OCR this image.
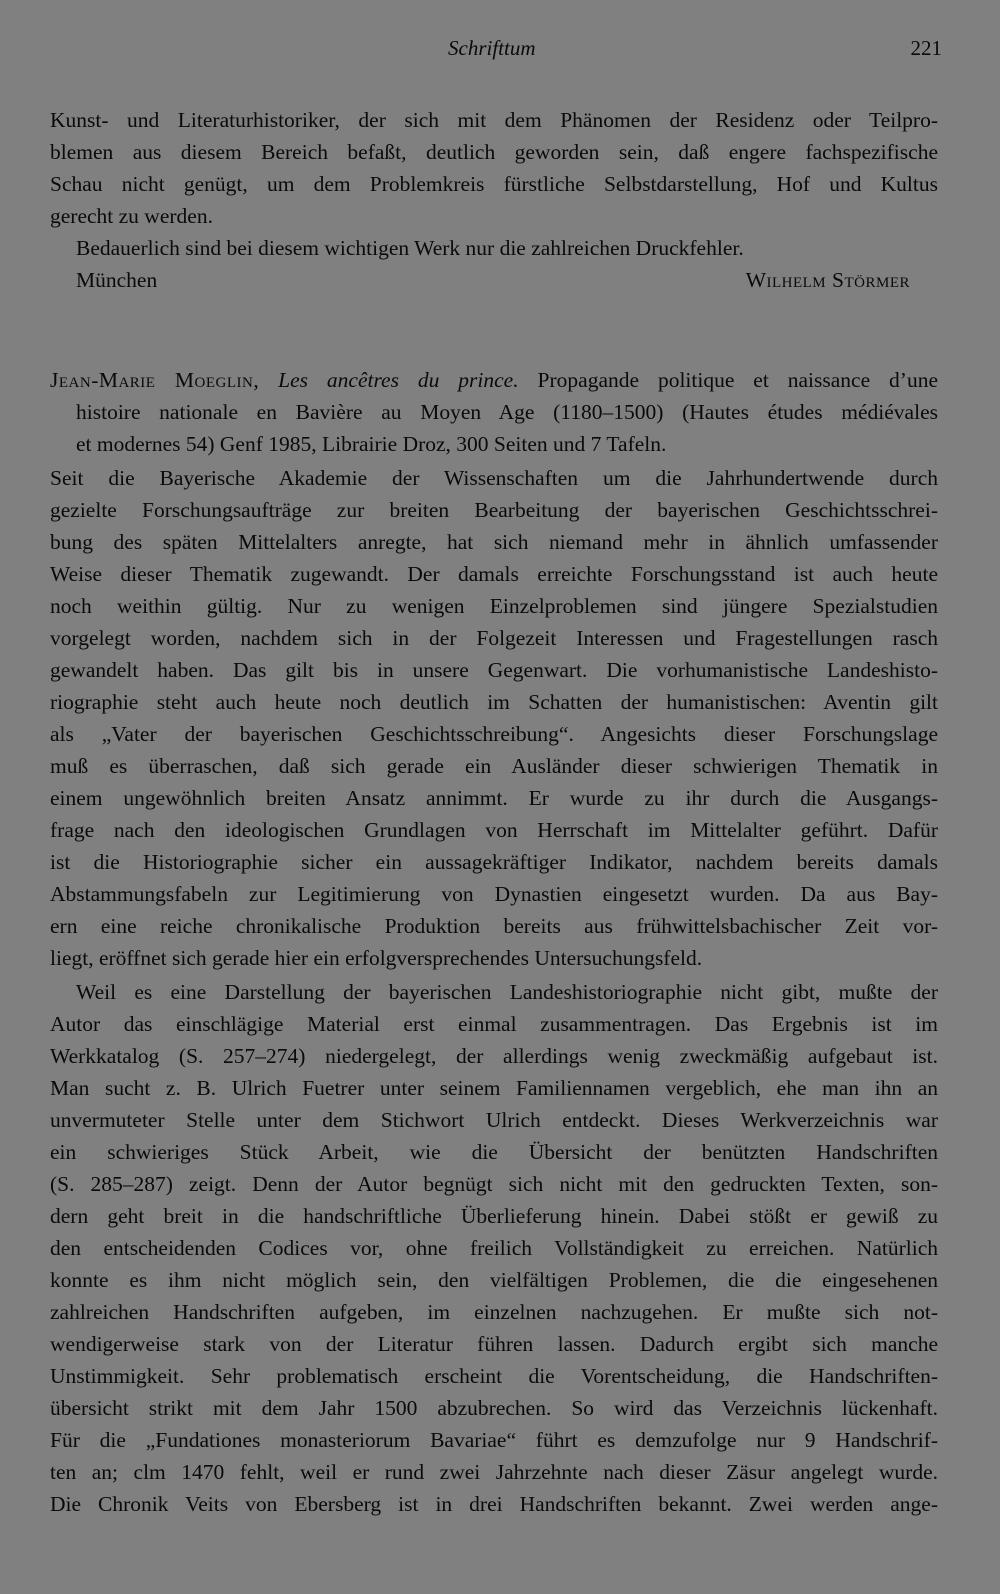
Schrifttum	221
Kunst- und Literaturhistoriker, der sich mit dem Phänomen der Residenz oder Teilpro-
blemen aus diesem Bereich befaßt, deutlich geworden sein, daß engere fachspezifische
Schau nicht genügt, um dem Problemkreis fürstliche Selbstdarstellung, Hof und Kultus
gerecht zu werden.
Bedauerlich sind bei diesem wichtigen Werk nur die zahlreichen Druckfehler.
München	Wilhelm Störmer
Jean-Marie Moeglin, Les ancêtres du prince. Propagande politique et naissance d’une
histoire nationale en Bavière au Moyen Age (1180–1500) (Hautes études médiévales
et modernes 54) Genf 1985, Librairie Droz, 300 Seiten und 7 Tafeln.
Seit die Bayerische Akademie der Wissenschaften um die Jahrhundertwende durch
gezielte Forschungsaufträge zur breiten Bearbeitung der bayerischen Geschichtsschrei-
bung des späten Mittelalters anregte, hat sich niemand mehr in ähnlich umfassender
Weise dieser Thematik zugewandt. Der damals erreichte Forschungsstand ist auch heute
noch weithin gültig. Nur zu wenigen Einzelproblemen sind jüngere Spezialstudien
vorgelegt worden, nachdem sich in der Folgezeit Interessen und Fragestellungen rasch
gewandelt haben. Das gilt bis in unsere Gegenwart. Die vorhumanistische Landeshisto-
riographie steht auch heute noch deutlich im Schatten der humanistischen: Aventin gilt
als „Vater der bayerischen Geschichtsschreibung“. Angesichts dieser Forschungslage
muß es überraschen, daß sich gerade ein Ausländer dieser schwierigen Thematik in
einem ungewöhnlich breiten Ansatz annimmt. Er wurde zu ihr durch die Ausgangs-
frage nach den ideologischen Grundlagen von Herrschaft im Mittelalter geführt. Dafür
ist die Historiographie sicher ein aussagekräftiger Indikator, nachdem bereits damals
Abstammungsfabeln zur Legitimierung von Dynastien eingesetzt wurden. Da aus Bay-
ern eine reiche chronikalische Produktion bereits aus frühwittelsbachischer Zeit vor-
liegt, eröffnet sich gerade hier ein erfolgversprechendes Untersuchungsfeld.
Weil es eine Darstellung der bayerischen Landeshistoriographie nicht gibt, mußte der
Autor das einschlägige Material erst einmal zusammentragen. Das Ergebnis ist im
Werkkatalog (S. 257–274) niedergelegt, der allerdings wenig zweckmäßig aufgebaut ist.
Man sucht z. B. Ulrich Fuetrer unter seinem Familiennamen vergeblich, ehe man ihn an
unvermuteter Stelle unter dem Stichwort Ulrich entdeckt. Dieses Werkverzeichnis war
ein schwieriges Stück Arbeit, wie die Übersicht der benützten Handschriften
(S. 285–287) zeigt. Denn der Autor begnügt sich nicht mit den gedruckten Texten, son-
dern geht breit in die handschriftliche Überlieferung hinein. Dabei stößt er gewiß zu
den entscheidenden Codices vor, ohne freilich Vollständigkeit zu erreichen. Natürlich
konnte es ihm nicht möglich sein, den vielfältigen Problemen, die die eingesehenen
zahlreichen Handschriften aufgeben, im einzelnen nachzugehen. Er mußte sich not-
wendigerweise stark von der Literatur führen lassen. Dadurch ergibt sich manche
Unstimmigkeit. Sehr problematisch erscheint die Vorentscheidung, die Handschriften-
übersicht strikt mit dem Jahr 1500 abzubrechen. So wird das Verzeichnis lückenhaft.
Für die „Fundationes monasteriorum Bavariae“ führt es demzufolge nur 9 Handschrif-
ten an; clm 1470 fehlt, weil er rund zwei Jahrzehnte nach dieser Zäsur angelegt wurde.
Die Chronik Veits von Ebersberg ist in drei Handschriften bekannt. Zwei werden ange-
